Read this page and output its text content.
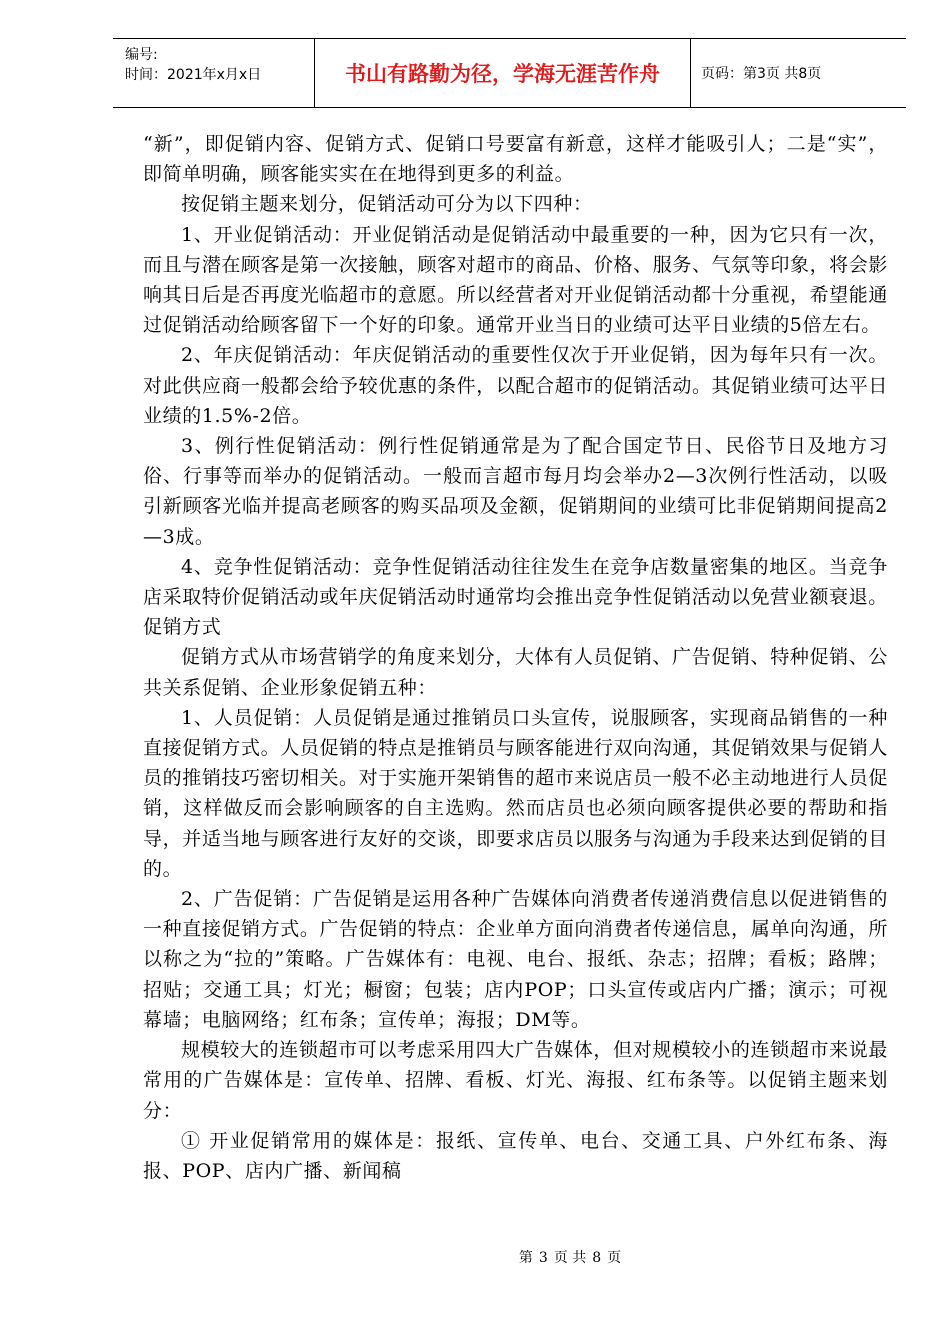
编号:
时间：2021年x月x日	书山有路勤为径，学海无涯苦作舟	页码：第3页 共8页

“新”，即促销内容、促销方式、促销口号要富有新意，这样才能吸引人；二是“实”，即简单明确，顾客能实实在在地得到更多的利益。

按促销主题来划分，促销活动可分为以下四种：

1、开业促销活动：开业促销活动是促销活动中最重要的一种，因为它只有一次，而且与潜在顾客是第一次接触，顾客对超市的商品、价格、服务、气氛等印象，将会影响其日后是否再度光临超市的意愿。所以经营者对开业促销活动都十分重视，希望能通过促销活动给顾客留下一个好的印象。通常开业当日的业绩可达平日业绩的5倍左右。

2、年庆促销活动：年庆促销活动的重要性仅次于开业促销，因为每年只有一次。对此供应商一般都会给予较优惠的条件，以配合超市的促销活动。其促销业绩可达平日业绩的1.5%-2倍。

3、例行性促销活动：例行性促销通常是为了配合国定节日、民俗节日及地方习俗、行事等而举办的促销活动。一般而言超市每月均会举办2—3次例行性活动，以吸引新顾客光临并提高老顾客的购买品项及金额，促销期间的业绩可比非促销期间提高2—3成。

4、竞争性促销活动：竞争性促销活动往往发生在竞争店数量密集的地区。当竞争店采取特价促销活动或年庆促销活动时通常均会推出竞争性促销活动以免营业额衰退。

促销方式

促销方式从市场营销学的角度来划分，大体有人员促销、广告促销、特种促销、公共关系促销、企业形象促销五种：

1、人员促销：人员促销是通过推销员口头宣传，说服顾客，实现商品销售的一种直接促销方式。人员促销的特点是推销员与顾客能进行双向沟通，其促销效果与促销人员的推销技巧密切相关。对于实施开架销售的超市来说店员一般不必主动地进行人员促销，这样做反而会影响顾客的自主选购。然而店员也必须向顾客提供必要的帮助和指导，并适当地与顾客进行友好的交谈，即要求店员以服务与沟通为手段来达到促销的目的。

2、广告促销：广告促销是运用各种广告媒体向消费者传递消费信息以促进销售的一种直接促销方式。广告促销的特点：企业单方面向消费者传递信息，属单向沟通，所以称之为“拉的”策略。广告媒体有：电视、电台、报纸、杂志；招牌；看板；路牌；招贴；交通工具；灯光；橱窗；包装；店内POP；口头宣传或店内广播；演示；可视幕墙；电脑网络；红布条；宣传单；海报；DM等。

规模较大的连锁超市可以考虑采用四大广告媒体，但对规模较小的连锁超市来说最常用的广告媒体是：宣传单、招牌、看板、灯光、海报、红布条等。以促销主题来划分：

① 开业促销常用的媒体是：报纸、宣传单、电台、交通工具、户外红布条、海报、POP、店内广播、新闻稿

第 3 页 共 8 页
